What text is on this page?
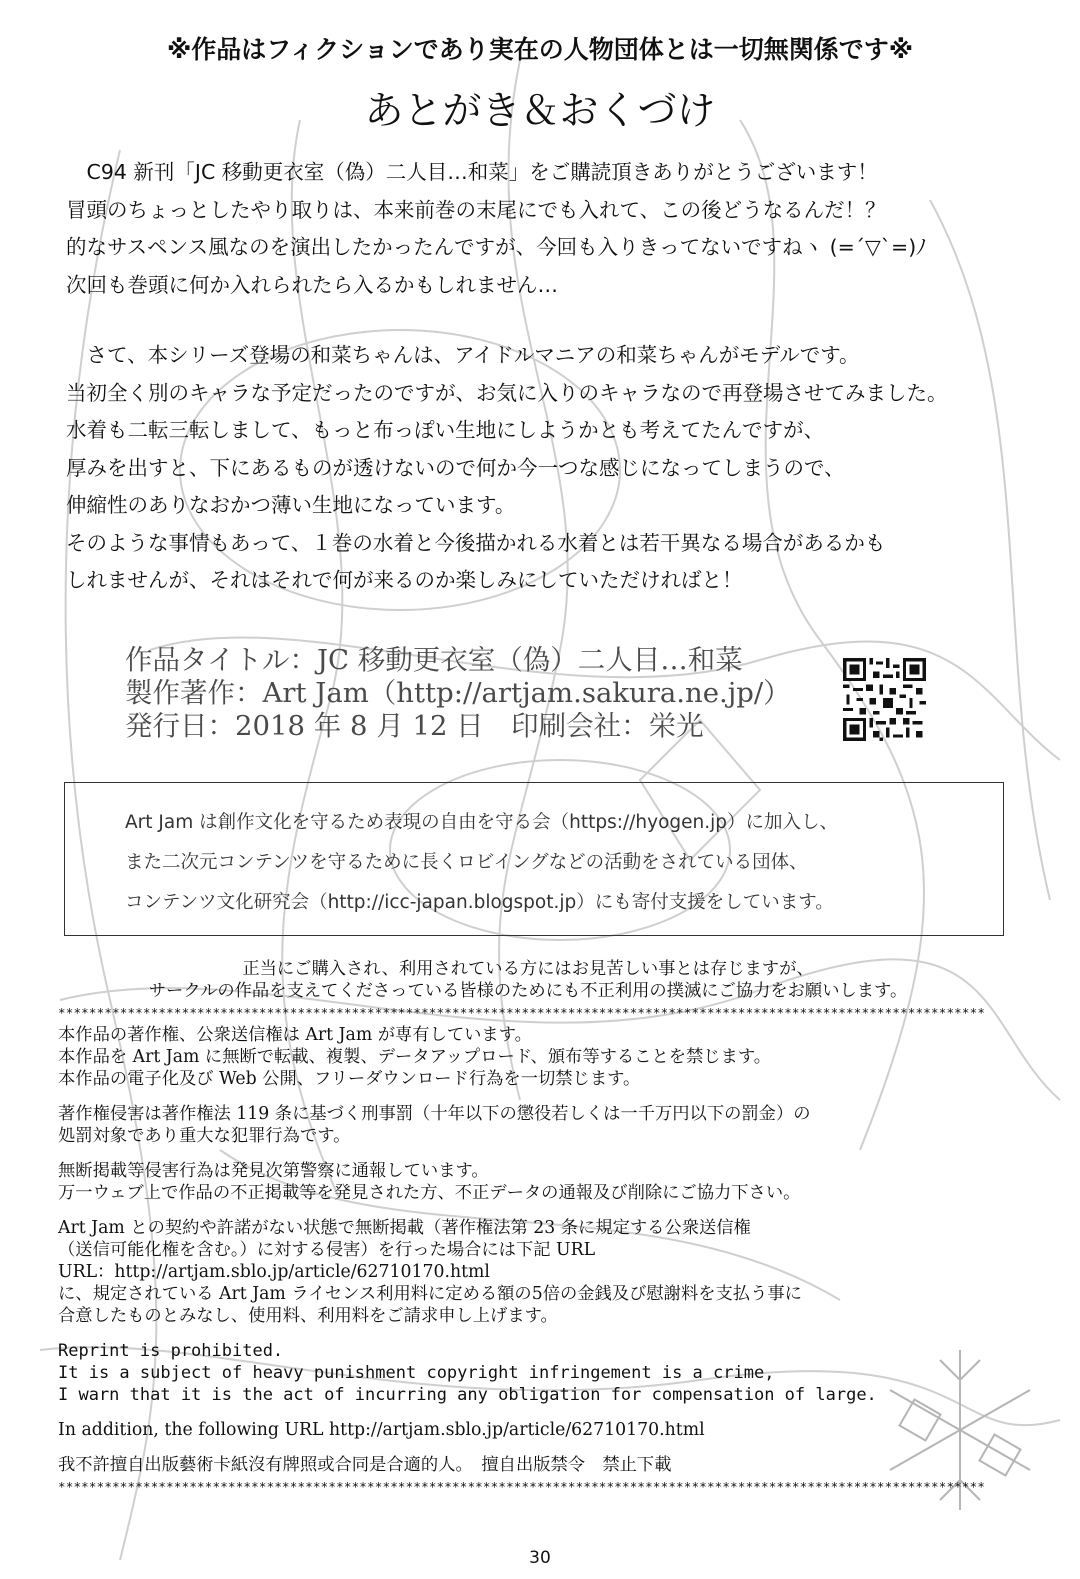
※作品はフィクションであり実在の人物団体とは一切無関係です※
あとがき＆おくづけ
　C94 新刊「JC 移動更衣室（偽）二人目…和菜」をご購読頂きありがとうございます！
冒頭のちょっとしたやり取りは、本来前巻の末尾にでも入れて、この後どうなるんだ！？
的なサスペンス風なのを演出したかったんですが、今回も入りきってないですねヽ (=´▽`=)ﾉ
次回も巻頭に何か入れられたら入るかもしれません…
　さて、本シリーズ登場の和菜ちゃんは、アイドルマニアの和菜ちゃんがモデルです。
当初全く別のキャラな予定だったのですが、お気に入りのキャラなので再登場させてみました。
水着も二転三転しまして、もっと布っぽい生地にしようかとも考えてたんですが、
厚みを出すと、下にあるものが透けないので何か今一つな感じになってしまうので、
伸縮性のありなおかつ薄い生地になっています。
そのような事情もあって、１巻の水着と今後描かれる水着とは若干異なる場合があるかも
しれませんが、それはそれで何が来るのか楽しみにしていただければと！
作品タイトル：JC 移動更衣室（偽）二人目…和菜
製作著作：Art Jam（http://artjam.sakura.ne.jp/）
発行日：2018 年 8 月 12 日　印刷会社：栄光
Art Jam は創作文化を守るため表現の自由を守る会（https://hyogen.jp）に加入し、
また二次元コンテンツを守るために長くロビイングなどの活動をされている団体、
コンテンツ文化研究会（http://icc-japan.blogspot.jp）にも寄付支援をしています。
正当にご購入され、利用されている方にはお見苦しい事とは存じますが、
サークルの作品を支えてくださっている皆様のためにも不正利用の撲滅にご協力をお願いします。
************************************************************************************************************************
本作品の著作権、公衆送信権は Art Jam が専有しています。
本作品を Art Jam に無断で転載、複製、データアップロード、頒布等することを禁じます。
本作品の電子化及び Web 公開、フリーダウンロード行為を一切禁じます。
著作権侵害は著作権法 119 条に基づく刑事罰（十年以下の懲役若しくは一千万円以下の罰金）の
処罰対象であり重大な犯罪行為です。
無断掲載等侵害行為は発見次第警察に通報しています。
万一ウェブ上で作品の不正掲載等を発見された方、不正データの通報及び削除にご協力下さい。
Art Jam との契約や許諾がない状態で無断掲載（著作権法第 23 条に規定する公衆送信権
（送信可能化権を含む。）に対する侵害）を行った場合には下記 URL
URL：http://artjam.sblo.jp/article/62710170.html
に、規定されている Art Jam ライセンス利用料に定める額の5倍の金銭及び慰謝料を支払う事に
合意したものとみなし、使用料、利用料をご請求申し上げます。
Reprint is prohibited.
It is a subject of heavy punishment copyright infringement is a crime,
I warn that it is the act of incurring any obligation for compensation of large.
In addition, the following URL http://artjam.sblo.jp/article/62710170.html
我不許擅自出版藝術卡紙沒有牌照或合同是合適的人。　擅自出版禁令　禁止下載
************************************************************************************************************************
30
